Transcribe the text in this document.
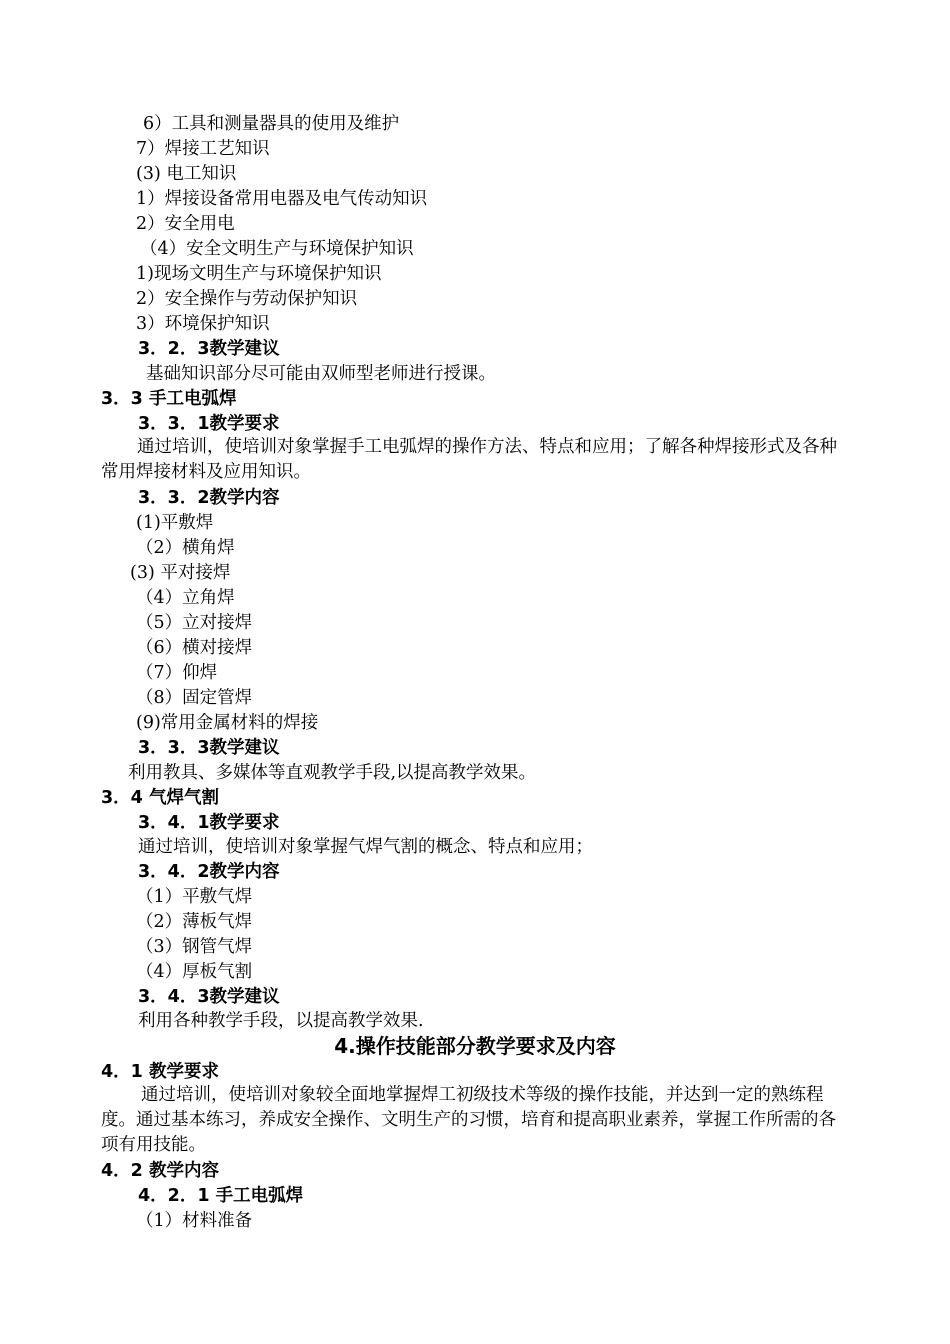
6）工具和测量器具的使用及维护
7）焊接工艺知识
(3) 电工知识
1）焊接设备常用电器及电气传动知识
2）安全用电
（4）安全文明生产与环境保护知识
1)现场文明生产与环境保护知识
2）安全操作与劳动保护知识
3）环境保护知识
3．2．3教学建议
基础知识部分尽可能由双师型老师进行授课。
3．3 手工电弧焊
3．3．1教学要求
通过培训，使培训对象掌握手工电弧焊的操作方法、特点和应用；了解各种焊接形式及各种常用焊接材料及应用知识。
3．3．2教学内容
(1)平敷焊
（2）横角焊
(3) 平对接焊
（4）立角焊
（5）立对接焊
（6）横对接焊
（7）仰焊
（8）固定管焊
(9)常用金属材料的焊接
3．3．3教学建议
利用教具、多媒体等直观教学手段,以提高教学效果。
3．4 气焊气割
3．4．1教学要求
通过培训，使培训对象掌握气焊气割的概念、特点和应用；
3．4．2教学内容
（1）平敷气焊
（2）薄板气焊
（3）钢管气焊
（4）厚板气割
3．4．3教学建议
利用各种教学手段，以提高教学效果.
4.操作技能部分教学要求及内容
4．1 教学要求
通过培训，使培训对象较全面地掌握焊工初级技术等级的操作技能，并达到一定的熟练程度。通过基本练习，养成安全操作、文明生产的习惯，培育和提高职业素养，掌握工作所需的各项有用技能。
4．2 教学内容
4．2．1 手工电弧焊
（1）材料准备
